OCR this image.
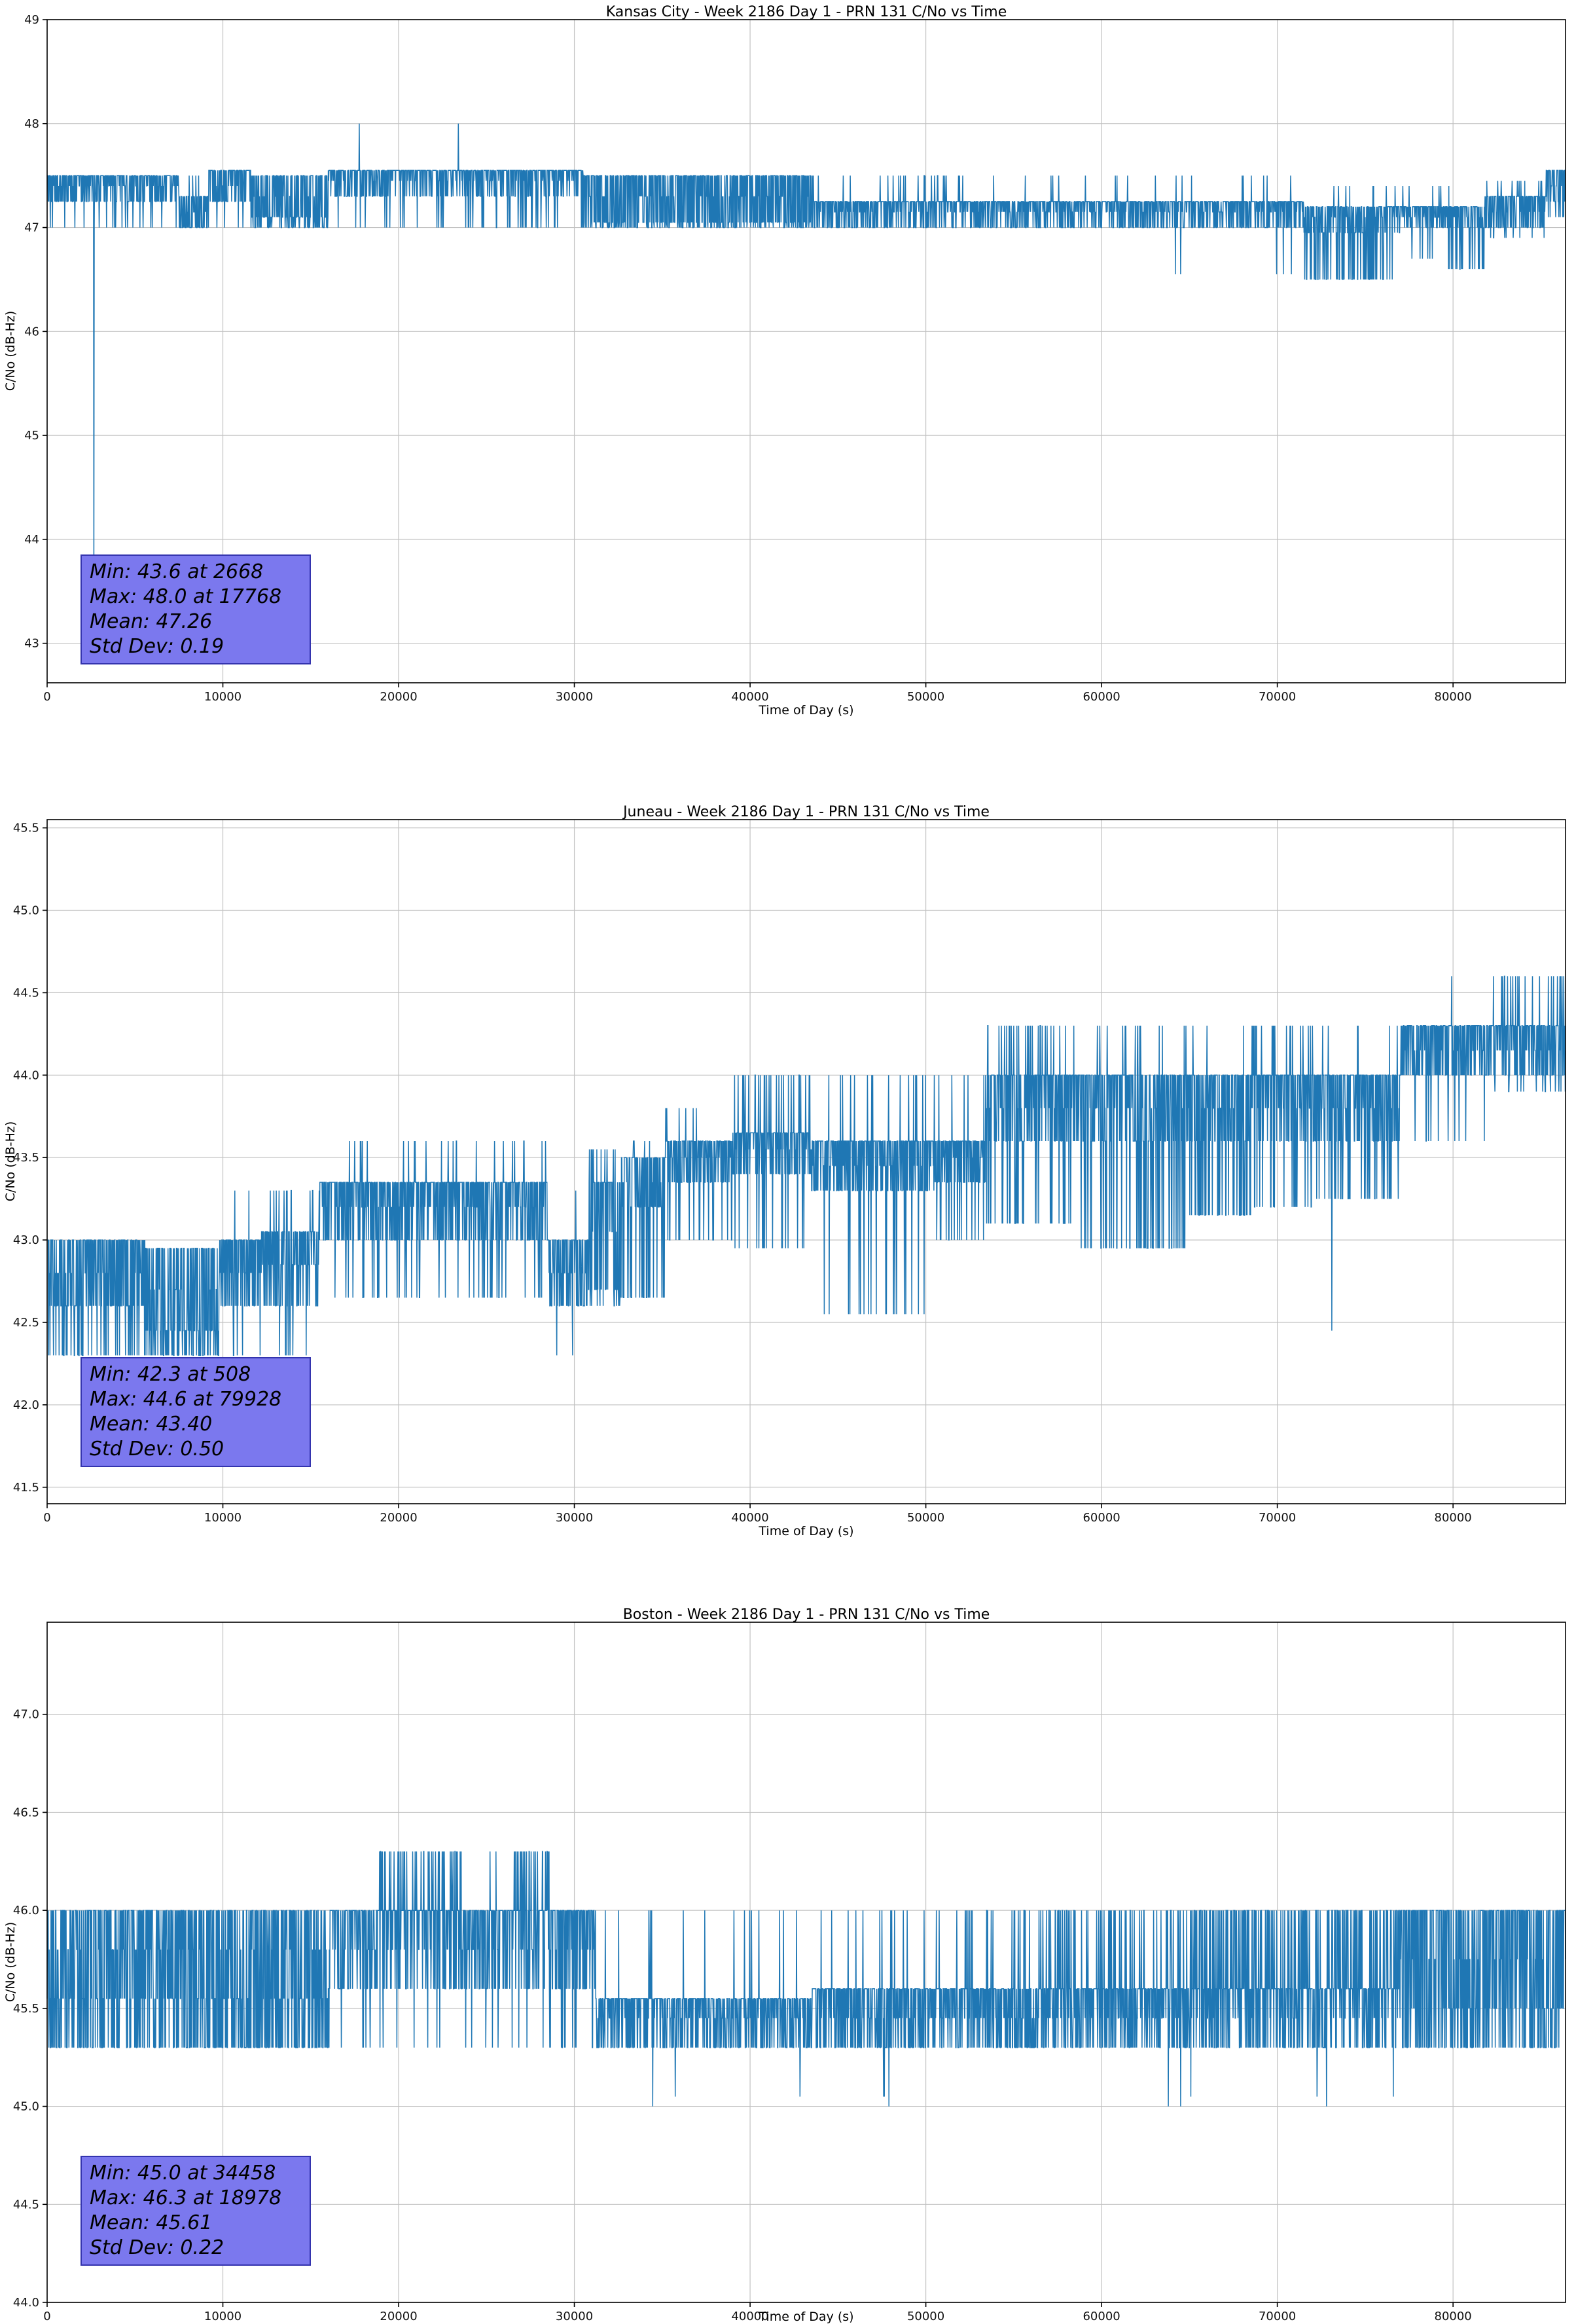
0	10000	20000	30000	40000	50000	60000	70000	80000
43
44
45
46
47
48
49
0	10000	20000	30000	40000	50000	60000	70000	80000
41.5
42.0
42.5
43.0
43.5
44.0
44.5
45.0
45.5
0	10000	20000	30000	40000	50000	60000	70000	80000
44.0
44.5
45.0
45.5
46.0
46.5
47.0
Kansas City - Week 2186 Day 1 - PRN 131 C/No vs Time
C/No (dB-Hz)
Time of Day (s)
Min: 43.6 at 2668
Max: 48.0 at 17768
Mean: 47.26
Std Dev: 0.19
Juneau - Week 2186 Day 1 - PRN 131 C/No vs Time
C/No (dB-Hz)
Time of Day (s)
Min: 42.3 at 508
Max: 44.6 at 79928
Mean: 43.40
Std Dev: 0.50
Boston - Week 2186 Day 1 - PRN 131 C/No vs Time
C/No (dB-Hz)
Time of Day (s)
Min: 45.0 at 34458
Max: 46.3 at 18978
Mean: 45.61
Std Dev: 0.22
